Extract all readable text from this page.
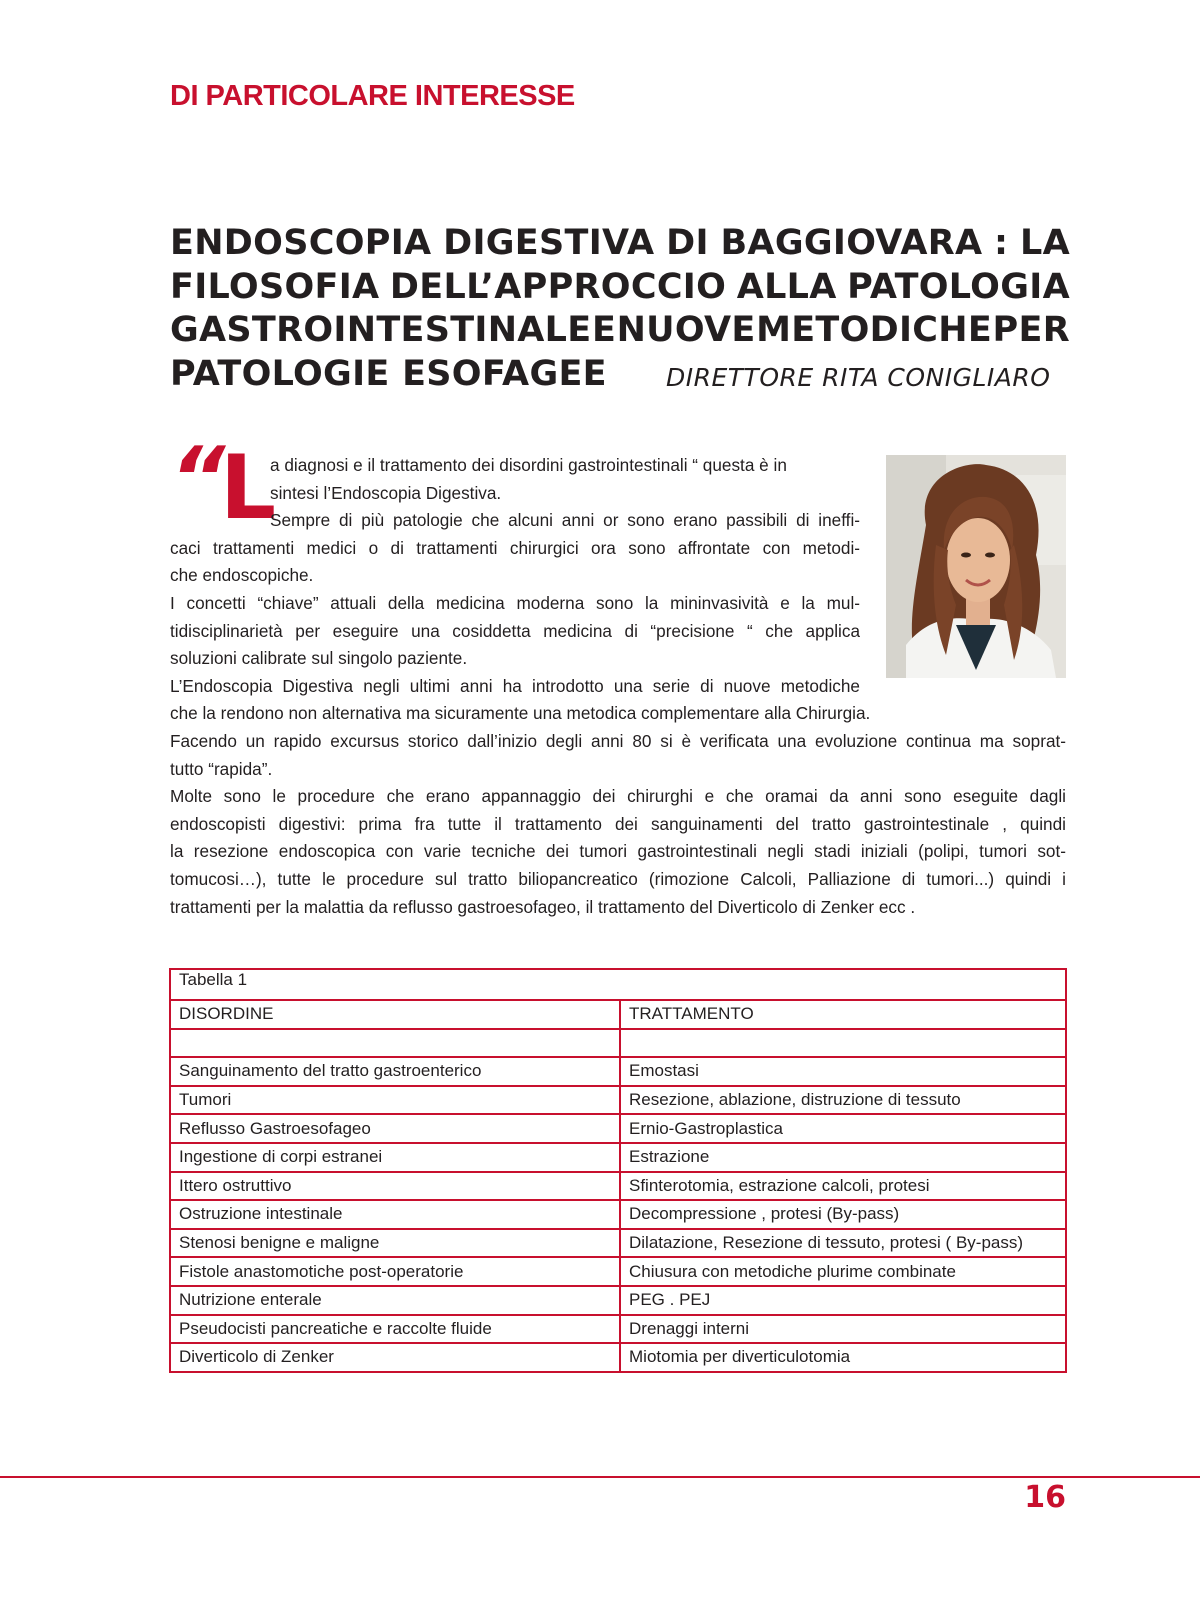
DI PARTICOLARE INTERESSE
ENDOSCOPIA DIGESTIVA DI BAGGIOVARA : LA
FILOSOFIA DELL’APPROCCIO ALLA PATOLOGIA
GASTROINTESTINALE E NUOVE METODICHE PER
PATOLOGIE ESOFAGEE DIRETTORE RITA CONIGLIARO
“
L
a diagnosi e il trattamento dei disordini gastrointestinali “ questa è in
sintesi l’Endoscopia Digestiva.
Sempre di più patologie che alcuni anni or sono erano passibili di ineffi-
caci trattamenti medici o di trattamenti chirurgici ora sono affrontate con metodi-
che endoscopiche.
I concetti “chiave” attuali della medicina moderna sono la mininvasività e la mul-
tidisciplinarietà per eseguire una cosiddetta medicina di “precisione “ che applica
soluzioni calibrate sul singolo paziente.
L’Endoscopia Digestiva negli ultimi anni ha introdotto una serie di nuove metodiche
che la rendono non alternativa ma sicuramente una metodica complementare alla Chirurgia.
Facendo un rapido excursus storico dall’inizio degli anni 80 si è verificata una evoluzione continua ma soprat-
tutto “rapida”.
Molte sono le procedure che erano appannaggio dei chirurghi e che oramai da anni sono eseguite dagli
endoscopisti digestivi: prima fra tutte il trattamento dei sanguinamenti del tratto gastrointestinale , quindi
la resezione endoscopica con varie tecniche dei tumori gastrointestinali negli stadi iniziali (polipi, tumori sot-
tomucosi…), tutte le procedure sul tratto biliopancreatico (rimozione Calcoli, Palliazione di tumori...) quindi i
trattamenti per la malattia da reflusso gastroesofageo, il trattamento del Diverticolo di Zenker ecc .
Tabella 1
DISORDINE	TRATTAMENTO

Sanguinamento del tratto gastroenterico	Emostasi
Tumori	Resezione, ablazione, distruzione di tessuto
Reflusso Gastroesofageo	Ernio-Gastroplastica
Ingestione di corpi estranei	Estrazione
Ittero ostruttivo	Sfinterotomia, estrazione calcoli, protesi
Ostruzione intestinale	Decompressione , protesi (By-pass)
Stenosi benigne e maligne	Dilatazione, Resezione di tessuto, protesi ( By-pass)
Fistole anastomotiche post-operatorie	Chiusura con metodiche plurime combinate
Nutrizione enterale	PEG . PEJ
Pseudocisti pancreatiche e raccolte fluide	Drenaggi interni
Diverticolo di Zenker	Miotomia per diverticulotomia
16
